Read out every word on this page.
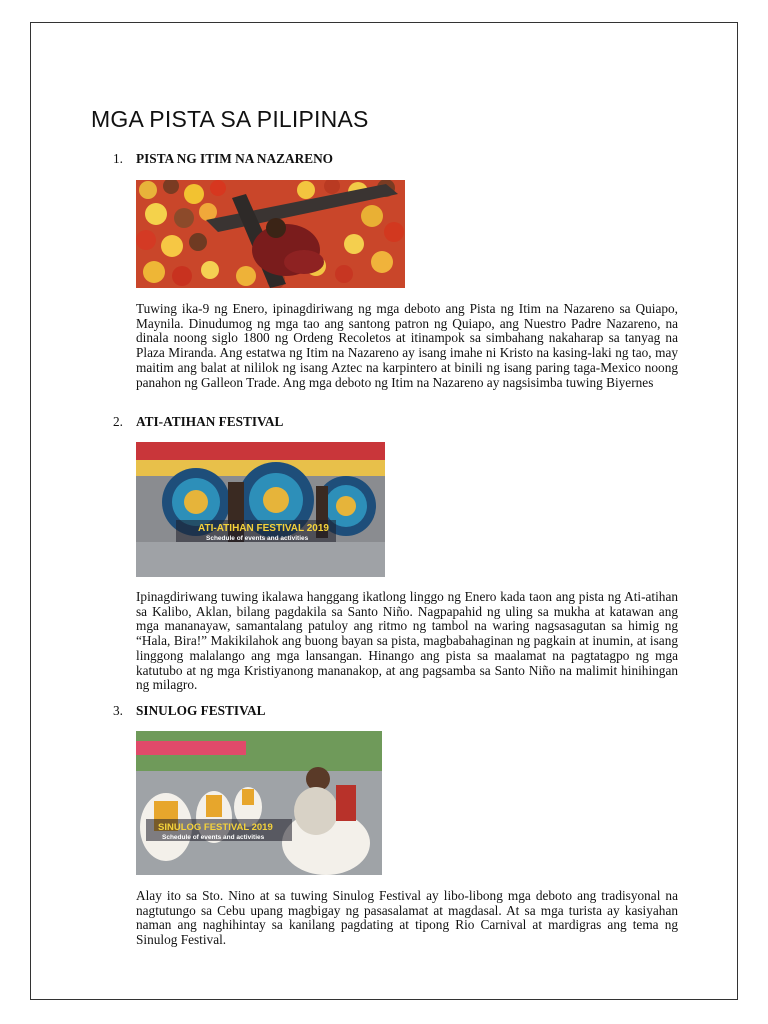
MGA PISTA SA PILIPINAS
1. PISTA NG ITIM NA NAZARENO

Tuwing ika-9 ng Enero, ipinagdiriwang ng mga deboto ang Pista ng Itim na Nazareno sa Quiapo, Maynila. Dinudumog ng mga tao ang santong patron ng Quiapo, ang Nuestro Padre Nazareno, na dinala noong siglo 1800 ng Ordeng Recoletos at itinampok sa simbahang nakaharap sa tanyag na Plaza Miranda. Ang estatwa ng Itim na Nazareno ay isang imahe ni Kristo na kasing-laki ng tao, may maitim ang balat at nililok ng isang Aztec na karpintero at binili ng isang paring taga-Mexico noong panahon ng Galleon Trade. Ang mga deboto ng Itim na Nazareno ay nagsisimba tuwing Biyernes

2. ATI-ATIHAN FESTIVAL
ATI-ATIHAN FESTIVAL 2019
Schedule of events and activities

Ipinagdiriwang tuwing ikalawa hanggang ikatlong linggo ng Enero kada taon ang pista ng Ati-atihan sa Kalibo, Aklan, bilang pagdakila sa Santo Niño. Nagpapahid ng uling sa mukha at katawan ang mga mananayaw, samantalang patuloy ang ritmo ng tambol na waring nagsasagutan sa himig ng “Hala, Bira!” Makikilahok ang buong bayan sa pista, magbabahaginan ng pagkain at inumin, at isang linggong malalango ang mga lansangan. Hinango ang pista sa maalamat na pagtatagpo ng mga katutubo at ng mga Kristiyanong mananakop, at ang pagsamba sa Santo Niño na malimit hinihingan ng milagro.

3. SINULOG FESTIVAL
SINULOG FESTIVAL 2019
Schedule of events and activities

Alay ito sa Sto. Nino at sa tuwing Sinulog Festival ay libo-libong mga deboto ang tradisyonal na nagtutungo sa Cebu upang magbigay ng pasasalamat at magdasal. At sa mga turista ay kasiyahan naman ang naghihintay sa kanilang pagdating at tipong Rio Carnival at mardigras ang tema ng Sinulog Festival.
